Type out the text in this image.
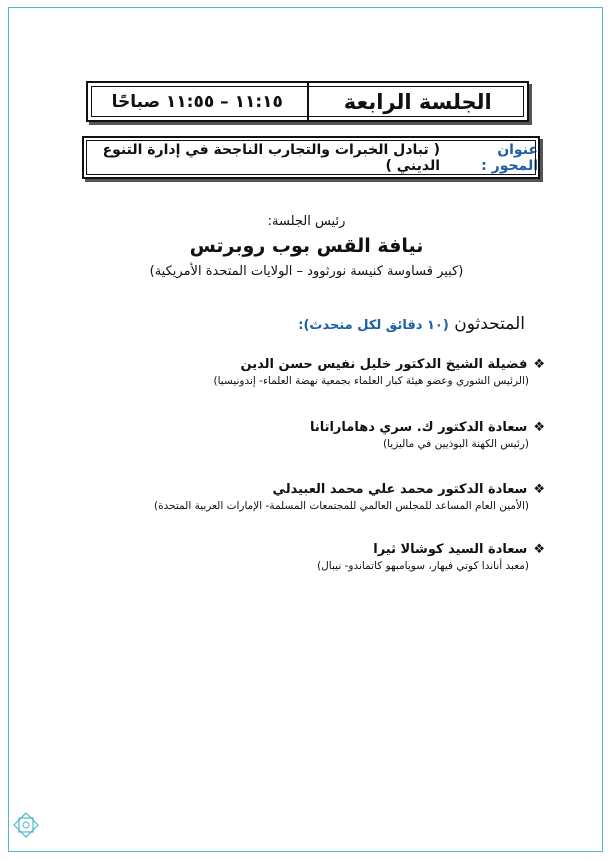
الجلسة الرابعة
١١:١٥ – ١١:٥٥ صباحًا
عنوان المحور :
( تبادل الخبرات والتجارب الناجحة في إدارة التنوع الديني )
رئيس الجلسة:
نيافة القس بوب روبرتس
(كبير قساوسة كنيسة نورثوود – الولايات المتحدة الأمريكية)
المتحدثون (١٠ دقائق لكل متحدث):
❖
فضيلة الشيخ الدكتور خليل نفيس حسن الدين
(الرئيس الشوري وعضو هيئة كبار العلماء بجمعية نهضة العلماء- إندونيسيا)
❖
سعادة الدكتور ك. سري دهاماراتانا
(رئيس الكهنة البوذيين في ماليزيا)
❖
سعادة الدكتور محمد علي محمد العبيدلي
(الأمين العام المساعد للمجلس العالمي للمجتمعات المسلمة- الإمارات العربية المتحدة)
❖
سعادة السيد كوشالا ثيرا
(معبد أناندا كوتي فيهار، سويامبهو كاتماندو- نيبال)
